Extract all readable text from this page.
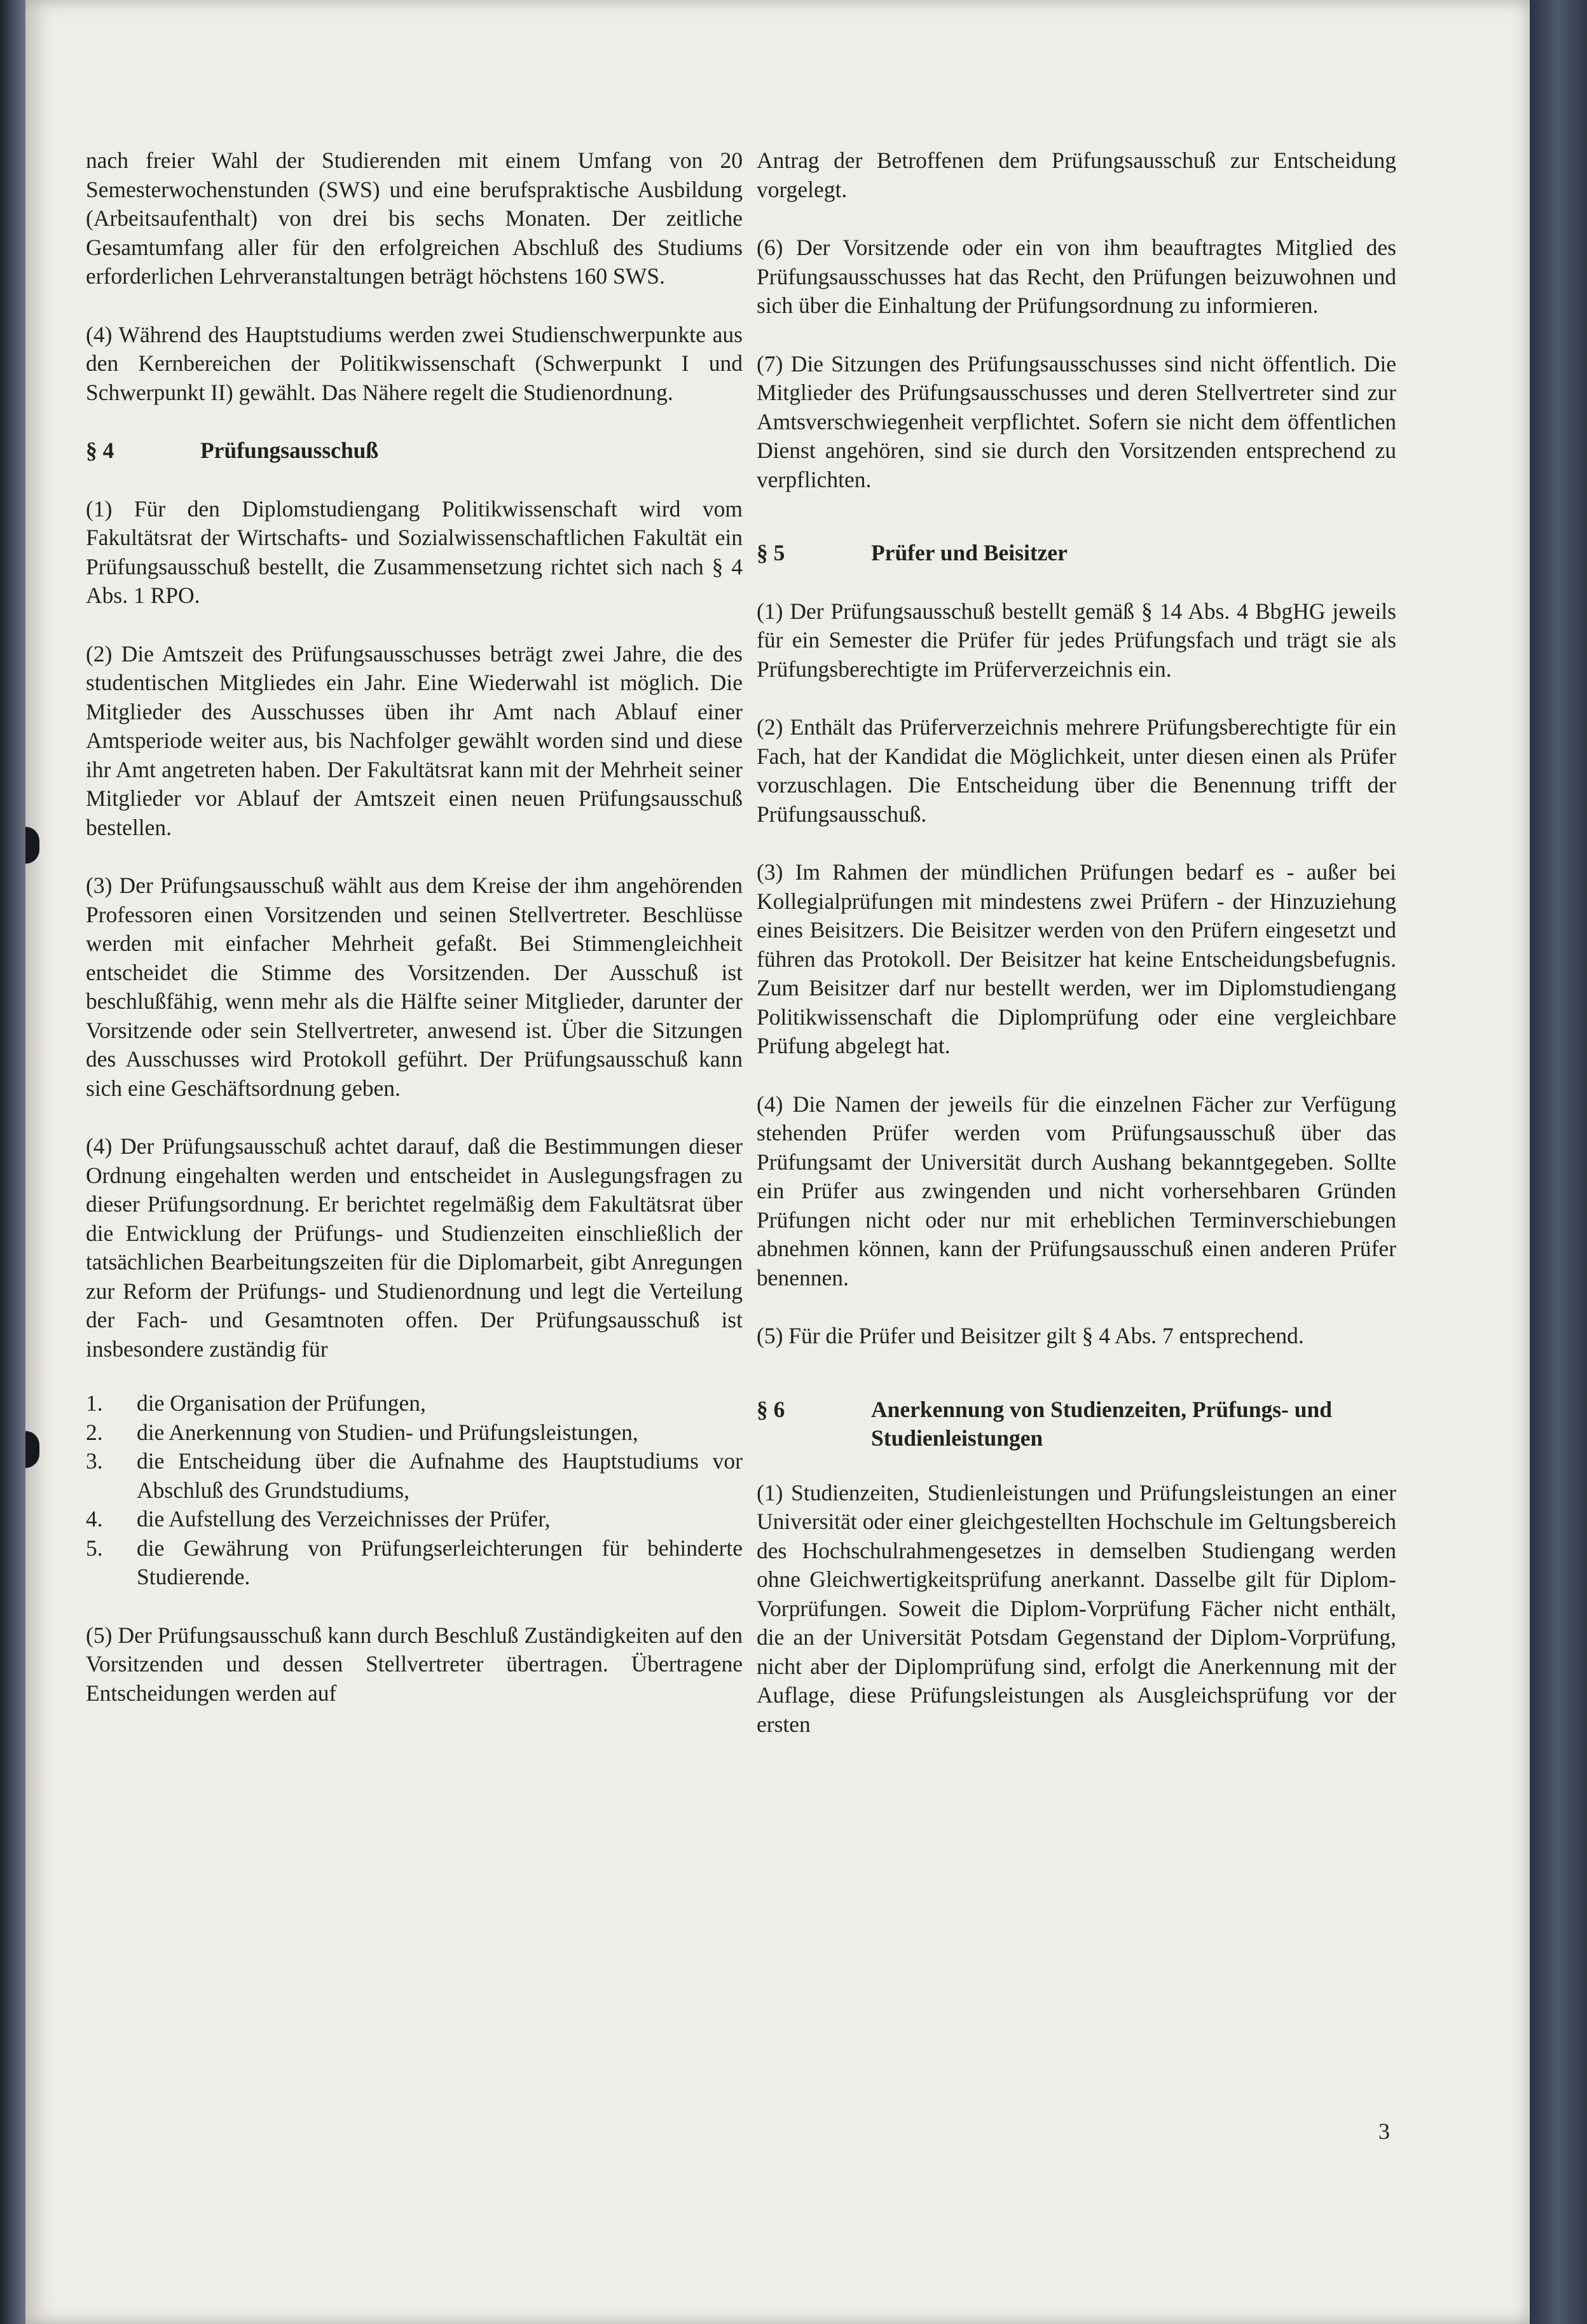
nach freier Wahl der Studierenden mit einem Umfang von 20 Semesterwochenstunden (SWS) und eine berufspraktische Ausbildung (Arbeitsaufenthalt) von drei bis sechs Monaten. Der zeitliche Gesamtumfang aller für den erfolgreichen Abschluß des Studiums erforderlichen Lehrveranstaltungen beträgt höchstens 160 SWS.

(4) Während des Hauptstudiums werden zwei Studienschwerpunkte aus den Kernbereichen der Politikwissenschaft (Schwerpunkt I und Schwerpunkt II) gewählt. Das Nähere regelt die Studienordnung.

§ 4	Prüfungsausschuß

(1) Für den Diplomstudiengang Politikwissenschaft wird vom Fakultätsrat der Wirtschafts- und Sozialwissenschaftlichen Fakultät ein Prüfungsausschuß bestellt, die Zusammensetzung richtet sich nach § 4 Abs. 1 RPO.

(2) Die Amtszeit des Prüfungsausschusses beträgt zwei Jahre, die des studentischen Mitgliedes ein Jahr. Eine Wiederwahl ist möglich. Die Mitglieder des Ausschusses üben ihr Amt nach Ablauf einer Amtsperiode weiter aus, bis Nachfolger gewählt worden sind und diese ihr Amt angetreten haben. Der Fakultätsrat kann mit der Mehrheit seiner Mitglieder vor Ablauf der Amtszeit einen neuen Prüfungsausschuß bestellen.

(3) Der Prüfungsausschuß wählt aus dem Kreise der ihm angehörenden Professoren einen Vorsitzenden und seinen Stellvertreter. Beschlüsse werden mit einfacher Mehrheit gefaßt. Bei Stimmengleichheit entscheidet die Stimme des Vorsitzenden. Der Ausschuß ist beschlußfähig, wenn mehr als die Hälfte seiner Mitglieder, darunter der Vorsitzende oder sein Stellvertreter, anwesend ist. Über die Sitzungen des Ausschusses wird Protokoll geführt. Der Prüfungsausschuß kann sich eine Geschäftsordnung geben.

(4) Der Prüfungsausschuß achtet darauf, daß die Bestimmungen dieser Ordnung eingehalten werden und entscheidet in Auslegungsfragen zu dieser Prüfungsordnung. Er berichtet regelmäßig dem Fakultätsrat über die Entwicklung der Prüfungs- und Studienzeiten einschließlich der tatsächlichen Bearbeitungszeiten für die Diplomarbeit, gibt Anregungen zur Reform der Prüfungs- und Studienordnung und legt die Verteilung der Fach- und Gesamtnoten offen. Der Prüfungsausschuß ist insbesondere zuständig für

1.	die Organisation der Prüfungen,
2.	die Anerkennung von Studien- und Prüfungsleistungen,
3.	die Entscheidung über die Aufnahme des Hauptstudiums vor Abschluß des Grundstudiums,
4.	die Aufstellung des Verzeichnisses der Prüfer,
5.	die Gewährung von Prüfungserleichterungen für behinderte Studierende.

(5) Der Prüfungsausschuß kann durch Beschluß Zuständigkeiten auf den Vorsitzenden und dessen Stellvertreter übertragen. Übertragene Entscheidungen werden auf

Antrag der Betroffenen dem Prüfungsausschuß zur Entscheidung vorgelegt.

(6) Der Vorsitzende oder ein von ihm beauftragtes Mitglied des Prüfungsausschusses hat das Recht, den Prüfungen beizuwohnen und sich über die Einhaltung der Prüfungsordnung zu informieren.

(7) Die Sitzungen des Prüfungsausschusses sind nicht öffentlich. Die Mitglieder des Prüfungsausschusses und deren Stellvertreter sind zur Amtsverschwiegenheit verpflichtet. Sofern sie nicht dem öffentlichen Dienst angehören, sind sie durch den Vorsitzenden entsprechend zu verpflichten.

§ 5	Prüfer und Beisitzer

(1) Der Prüfungsausschuß bestellt gemäß § 14 Abs. 4 BbgHG jeweils für ein Semester die Prüfer für jedes Prüfungsfach und trägt sie als Prüfungsberechtigte im Prüferverzeichnis ein.

(2) Enthält das Prüferverzeichnis mehrere Prüfungsberechtigte für ein Fach, hat der Kandidat die Möglichkeit, unter diesen einen als Prüfer vorzuschlagen. Die Entscheidung über die Benennung trifft der Prüfungsausschuß.

(3) Im Rahmen der mündlichen Prüfungen bedarf es - außer bei Kollegialprüfungen mit mindestens zwei Prüfern - der Hinzuziehung eines Beisitzers. Die Beisitzer werden von den Prüfern eingesetzt und führen das Protokoll. Der Beisitzer hat keine Entscheidungsbefugnis. Zum Beisitzer darf nur bestellt werden, wer im Diplomstudiengang Politikwissenschaft die Diplomprüfung oder eine vergleichbare Prüfung abgelegt hat.

(4) Die Namen der jeweils für die einzelnen Fächer zur Verfügung stehenden Prüfer werden vom Prüfungsausschuß über das Prüfungsamt der Universität durch Aushang bekanntgegeben. Sollte ein Prüfer aus zwingenden und nicht vorhersehbaren Gründen Prüfungen nicht oder nur mit erheblichen Terminverschiebungen abnehmen können, kann der Prüfungsausschuß einen anderen Prüfer benennen.

(5) Für die Prüfer und Beisitzer gilt § 4 Abs. 7 entsprechend.

§ 6	Anerkennung von Studienzeiten, Prüfungs- und Studienleistungen

(1) Studienzeiten, Studienleistungen und Prüfungsleistungen an einer Universität oder einer gleichgestellten Hochschule im Geltungsbereich des Hochschulrahmengesetzes in demselben Studiengang werden ohne Gleichwertigkeitsprüfung anerkannt. Dasselbe gilt für Diplom-Vorprüfungen. Soweit die Diplom-Vorprüfung Fächer nicht enthält, die an der Universität Potsdam Gegenstand der Diplom-Vorprüfung, nicht aber der Diplomprüfung sind, erfolgt die Anerkennung mit der Auflage, diese Prüfungsleistungen als Ausgleichsprüfung vor der ersten

3
